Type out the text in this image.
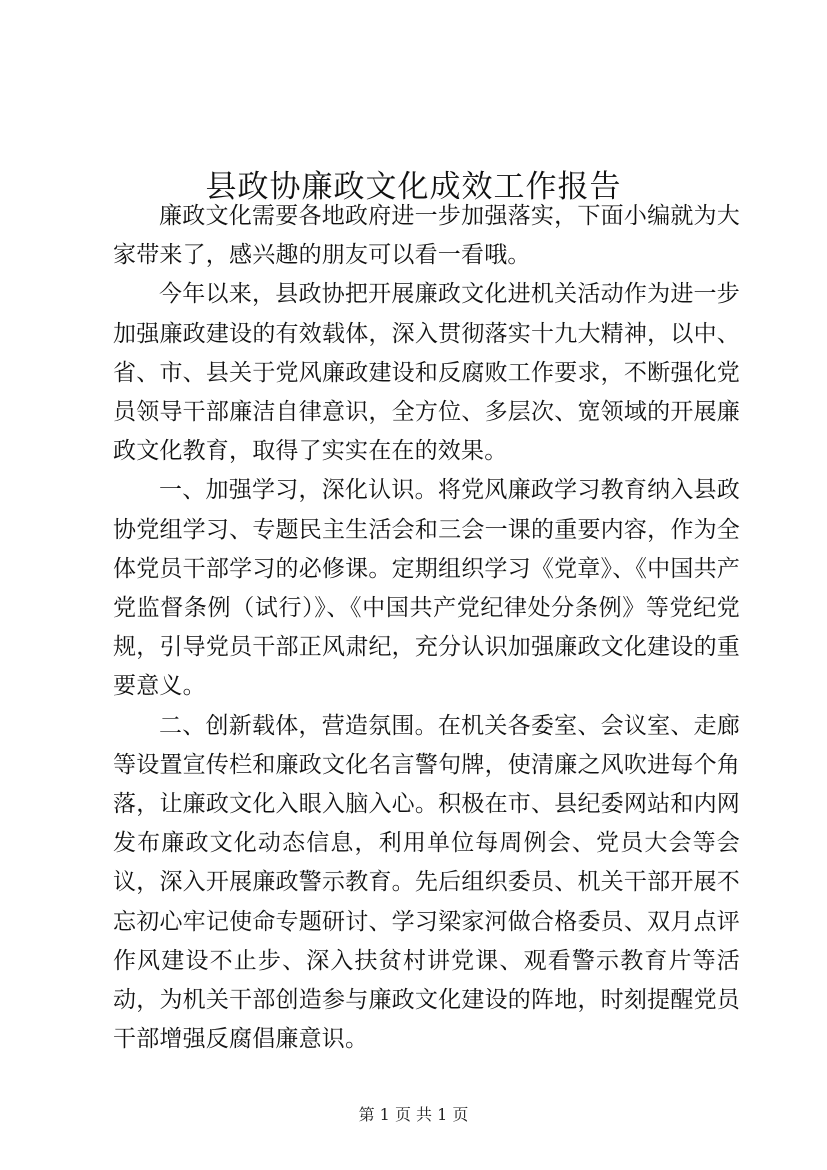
县政协廉政文化成效工作报告

廉政文化需要各地政府进一步加强落实，下面小编就为大家带来了，感兴趣的朋友可以看一看哦。

今年以来，县政协把开展廉政文化进机关活动作为进一步加强廉政建设的有效载体，深入贯彻落实十九大精神，以中、省、市、县关于党风廉政建设和反腐败工作要求，不断强化党员领导干部廉洁自律意识，全方位、多层次、宽领域的开展廉政文化教育，取得了实实在在的效果。

一、加强学习，深化认识。将党风廉政学习教育纳入县政协党组学习、专题民主生活会和三会一课的重要内容，作为全体党员干部学习的必修课。定期组织学习《党章》、《中国共产党监督条例（试行）》、《中国共产党纪律处分条例》等党纪党规，引导党员干部正风肃纪，充分认识加强廉政文化建设的重要意义。

二、创新载体，营造氛围。在机关各委室、会议室、走廊等设置宣传栏和廉政文化名言警句牌，使清廉之风吹进每个角落，让廉政文化入眼入脑入心。积极在市、县纪委网站和内网发布廉政文化动态信息，利用单位每周例会、党员大会等会议，深入开展廉政警示教育。先后组织委员、机关干部开展不忘初心牢记使命专题研讨、学习梁家河做合格委员、双月点评作风建设不止步、深入扶贫村讲党课、观看警示教育片等活动，为机关干部创造参与廉政文化建设的阵地，时刻提醒党员干部增强反腐倡廉意识。

第 1 页 共 1 页
